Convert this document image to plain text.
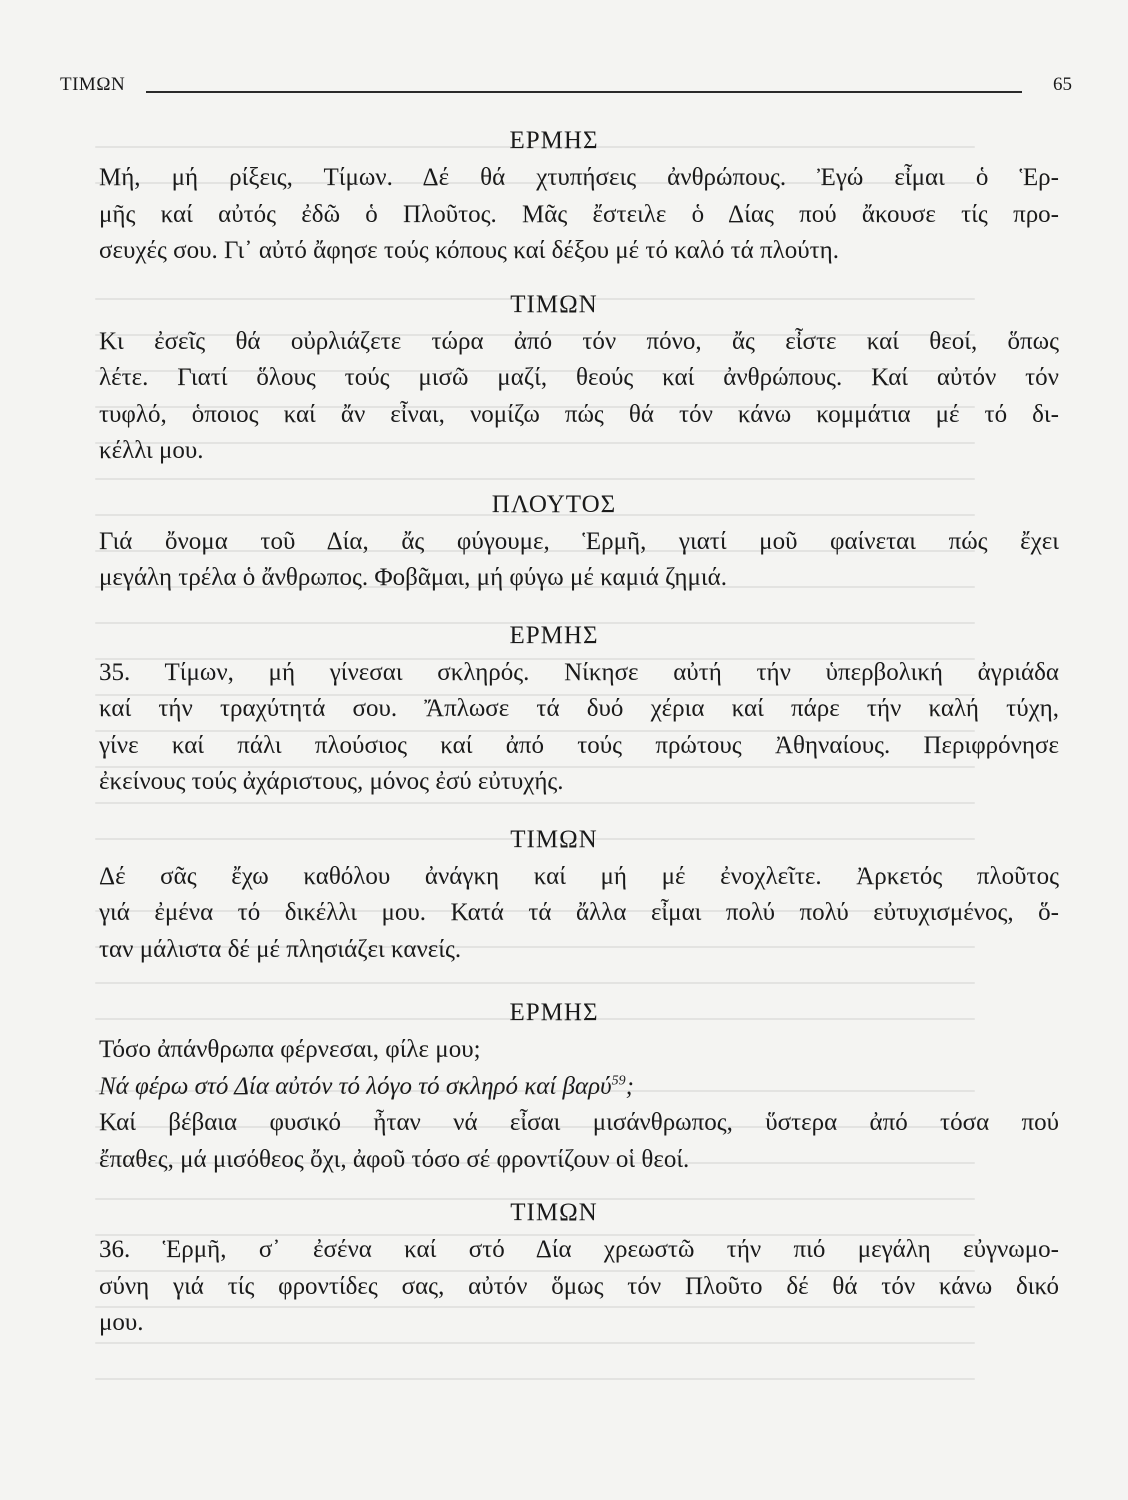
ΤΙΜΩΝ	65
ΕΡΜΗΣ

Μή, μή ρίξεις, Τίμων. Δέ θά χτυπήσεις ἀνθρώπους. Ἐγώ εἶμαι ὁ Ἑρ-
μῆς καί αὐτός ἐδῶ ὁ Πλοῦτος. Μᾶς ἔστειλε ὁ Δίας πού ἄκουσε τίς προ-
σευχές σου. Γι᾽ αὐτό ἄφησε τούς κόπους καί δέξου μέ τό καλό τά πλούτη.

ΤΙΜΩΝ

Κι ἐσεῖς θά οὐρλιάζετε τώρα ἀπό τόν πόνο, ἄς εἶστε καί θεοί, ὅπως
λέτε. Γιατί ὅλους τούς μισῶ μαζί, θεούς καί ἀνθρώπους. Καί αὐτόν τόν
τυφλό, ὁποιος καί ἄν εἶναι, νομίζω πώς θά τόν κάνω κομμάτια μέ τό δι-
κέλλι μου.

ΠΛΟΥΤΟΣ

Γιά ὄνομα τοῦ Δία, ἄς φύγουμε, Ἑρμῆ, γιατί μοῦ φαίνεται πώς ἔχει
μεγάλη τρέλα ὁ ἄνθρωπος. Φοβᾶμαι, μή φύγω μέ καμιά ζημιά.

ΕΡΜΗΣ

35. Τίμων, μή γίνεσαι σκληρός. Νίκησε αὐτή τήν ὑπερβολική ἀγριάδα
καί τήν τραχύτητά σου. Ἄπλωσε τά δυό χέρια καί πάρε τήν καλή τύχη,
γίνε καί πάλι πλούσιος καί ἀπό τούς πρώτους Ἀθηναίους. Περιφρόνησε
ἐκείνους τούς ἀχάριστους, μόνος ἐσύ εὐτυχής.

ΤΙΜΩΝ

Δέ σᾶς ἔχω καθόλου ἀνάγκη καί μή μέ ἐνοχλεῖτε. Ἀρκετός πλοῦτος
γιά ἐμένα τό δικέλλι μου. Κατά τά ἄλλα εἶμαι πολύ πολύ εὐτυχισμένος, ὅ-
ταν μάλιστα δέ μέ πλησιάζει κανείς.

ΕΡΜΗΣ

Τόσο ἀπάνθρωπα φέρνεσαι, φίλε μου;
Νά φέρω στό Δία αὐτόν τό λόγο τό σκληρό καί βαρύ$^{59}$;
Καί βέβαια φυσικό ἦταν νά εἶσαι μισάνθρωπος, ὕστερα ἀπό τόσα πού
ἔπαθες, μά μισόθεος ὄχι, ἀφοῦ τόσο σέ φροντίζουν οἱ θεοί.

ΤΙΜΩΝ

36. Ἑρμῆ, σ᾽ ἐσένα καί στό Δία χρεωστῶ τήν πιό μεγάλη εὐγνωμο-
σύνη γιά τίς φροντίδες σας, αὐτόν ὅμως τόν Πλοῦτο δέ θά τόν κάνω δικό
μου.
